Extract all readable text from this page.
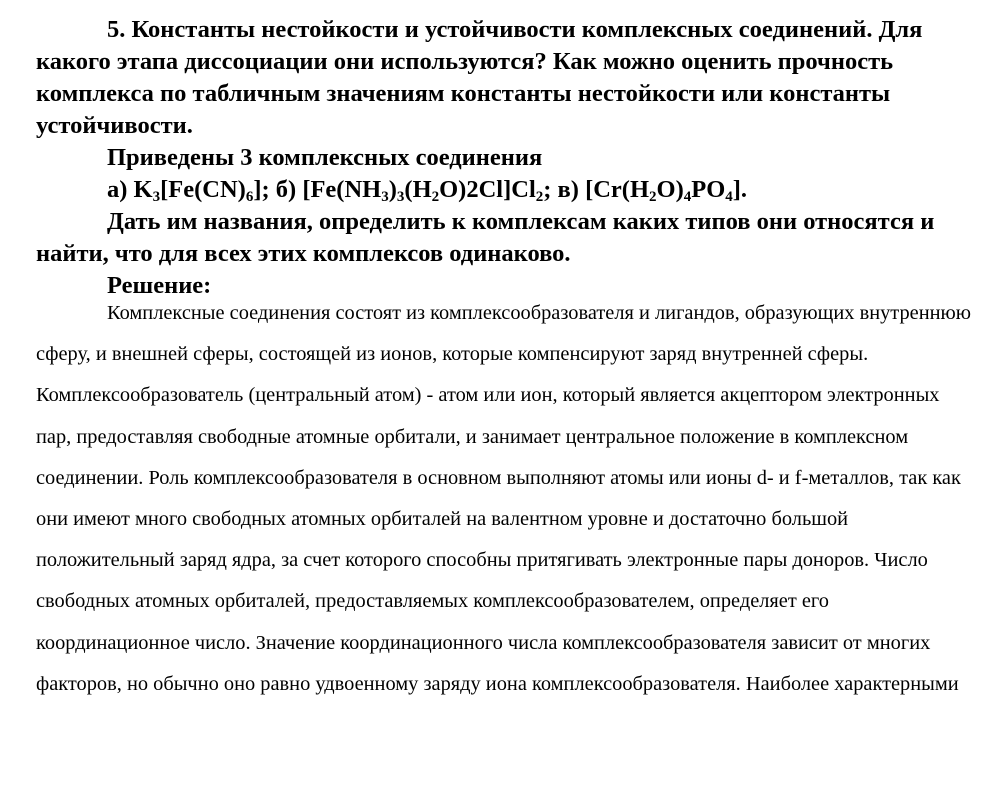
5. Константы нестойкости и устойчивости комплексных соединений. Для какого этапа диссоциации они используются? Как можно оценить прочность комплекса по табличным значениям константы нестойкости или константы устойчивости.

Приведены 3 комплексных соединения

а) $K_3[Fe(CN)_6]$; б) $[Fe(NH_3)_3(H_2O)2Cl]Cl_2$; в) $[Cr(H_2O)_4PO_4]$.

Дать им названия, определить к комплексам каких типов они относятся и найти, что для всех этих комплексов одинаково.

Решение:

Комплексные соединения состоят из комплексообразователя и лигандов, образующих внутреннюю сферу, и внешней сферы, состоящей из ионов, которые компенсируют заряд внутренней сферы. Комплексообразователь (центральный атом) - атом или ион, который является акцептором электронных пар, предоставляя свободные атомные орбитали, и занимает центральное положение в комплексном соединении. Роль комплексообразователя в основном выполняют атомы или ионы d- и f-металлов, так как они имеют много свободных атомных орбиталей на валентном уровне и достаточно большой положительный заряд ядра, за счет которого способны притягивать электронные пары доноров. Число свободных атомных орбиталей, предоставляемых комплексообразователем, определяет его координационное число. Значение координационного числа комплексообразователя зависит от многих факторов, но обычно оно равно удвоенному заряду иона комплексообразователя. Наиболее характерными
